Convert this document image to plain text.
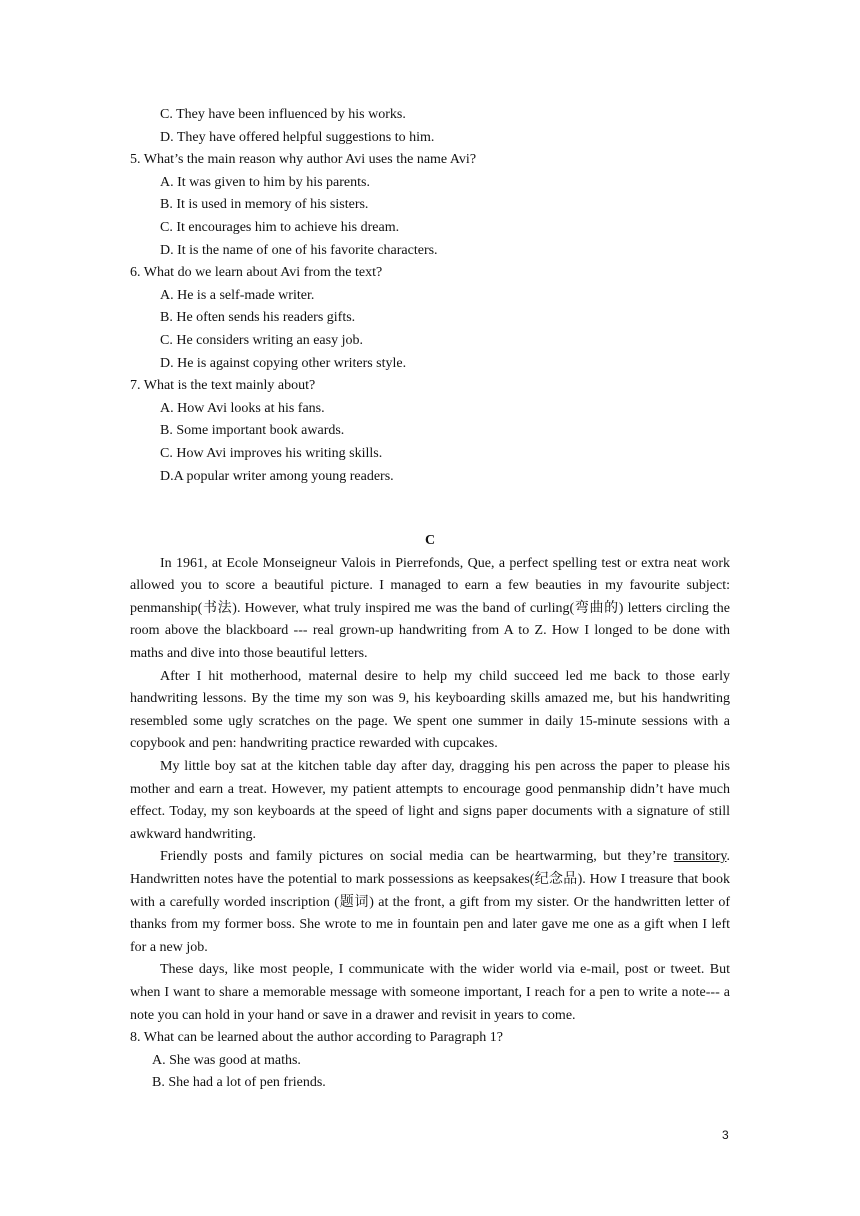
C. They have been influenced by his works.
D. They have offered helpful suggestions to him.
5. What’s the main reason why author Avi uses the name Avi?
A. It was given to him by his parents.
B. It is used in memory of his sisters.
C. It encourages him to achieve his dream.
D. It is the name of one of his favorite characters.
6. What do we learn about Avi from the text?
A. He is a self-made writer.
B. He often sends his readers gifts.
C. He considers writing an easy job.
D. He is against copying other writers style.
7. What is the text mainly about?
A. How Avi looks at his fans.
B. Some important book awards.
C. How Avi improves his writing skills.
D.A popular writer among young readers.
C

In 1961, at Ecole Monseigneur Valois in Pierrefonds, Que, a perfect spelling test or extra neat work allowed you to score a beautiful picture. I managed to earn a few beauties in my favourite subject: penmanship(书法). However, what truly inspired me was the band of curling(弯曲的) letters circling the room above the blackboard --- real grown-up handwriting from A to Z. How I longed to be done with maths and dive into those beautiful letters.

After I hit motherhood, maternal desire to help my child succeed led me back to those early handwriting lessons. By the time my son was 9, his keyboarding skills amazed me, but his handwriting resembled some ugly scratches on the page. We spent one summer in daily 15-minute sessions with a copybook and pen: handwriting practice rewarded with cupcakes.

My little boy sat at the kitchen table day after day, dragging his pen across the paper to please his mother and earn a treat. However, my patient attempts to encourage good penmanship didn’t have much effect. Today, my son keyboards at the speed of light and signs paper documents with a signature of still awkward handwriting.

Friendly posts and family pictures on social media can be heartwarming, but they’re transitory. Handwritten notes have the potential to mark possessions as keepsakes(纪念品). How I treasure that book with a carefully worded inscription (题词) at the front, a gift from my sister. Or the handwritten letter of thanks from my former boss. She wrote to me in fountain pen and later gave me one as a gift when I left for a new job.

These days, like most people, I communicate with the wider world via e-mail, post or tweet. But when I want to share a memorable message with someone important, I reach for a pen to write a note--- a note you can hold in your hand or save in a drawer and revisit in years to come.

8. What can be learned about the author according to Paragraph 1?
A. She was good at maths.
B. She had a lot of pen friends.
3
